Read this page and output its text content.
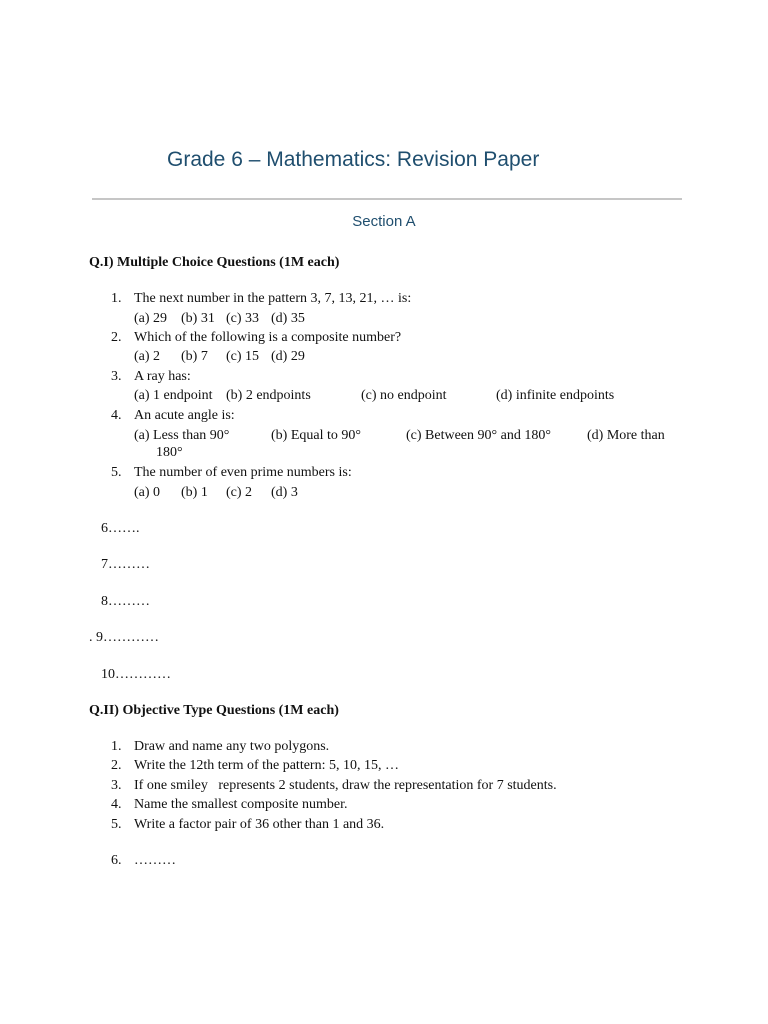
Grade 6 – Mathematics: Revision Paper
Section A
Q.I) Multiple Choice Questions (1M each)
1. The next number in the pattern 3, 7, 13, 21, … is:
(a) 29 (b) 31 (c) 33 (d) 35
2. Which of the following is a composite number?
(a) 2 (b) 7 (c) 15 (d) 29
3. A ray has:
(a) 1 endpoint (b) 2 endpoints	(c) no endpoint	(d) infinite endpoints
4. An acute angle is:
(a) Less than 90°	(b) Equal to 90°	(c) Between 90° and 180°	(d) More than
180°
5. The number of even prime numbers is:
(a) 0 (b) 1 (c) 2 (d) 3
6…….
7………
8………
. 9…………
10…………
Q.II) Objective Type Questions (1M each)
1. Draw and name any two polygons.
2. Write the 12th term of the pattern: 5, 10, 15, …
3. If one smiley   represents 2 students, draw the representation for 7 students.
4. Name the smallest composite number.
5. Write a factor pair of 36 other than 1 and 36.
6. ………
